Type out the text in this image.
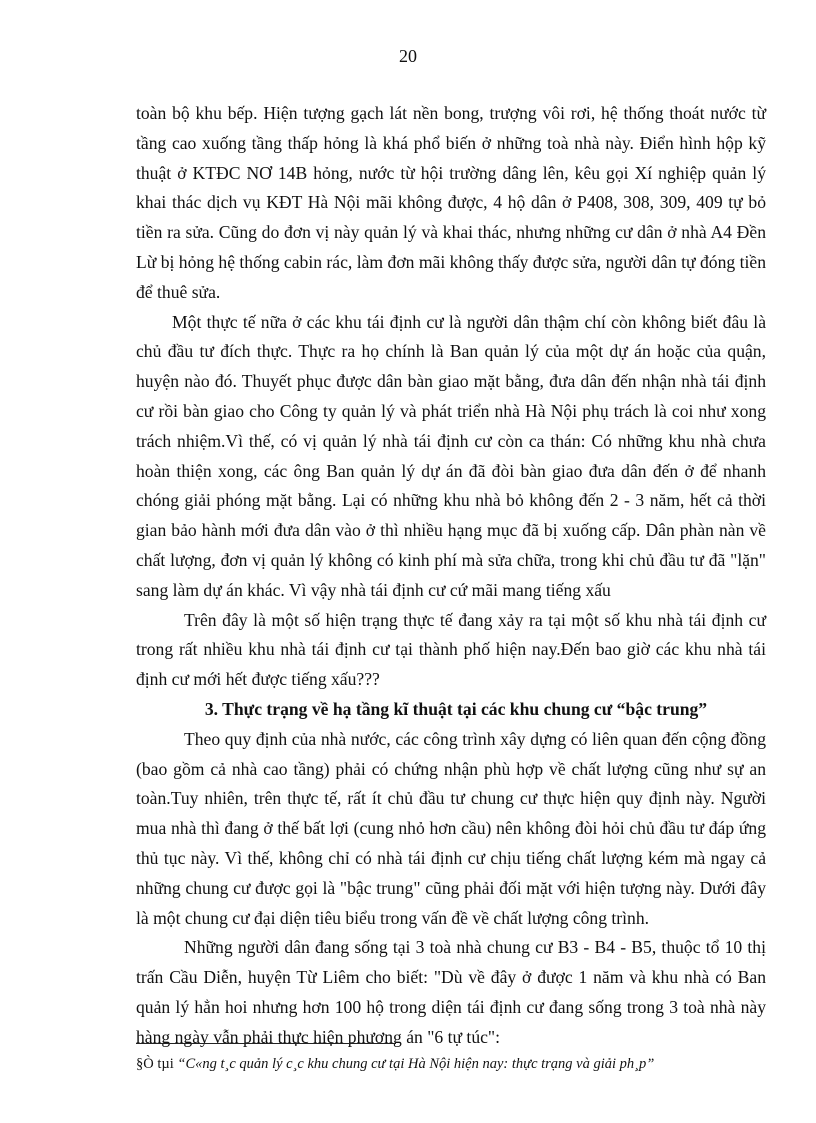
20

toàn bộ khu bếp. Hiện tượng gạch lát nền bong, trượng vôi rơi, hệ thống thoát nước từ tầng cao xuống tầng thấp hỏng là khá phổ biến ở những toà nhà này. Điển hình hộp kỹ thuật ở KTĐC NƠ 14B hỏng, nước từ hội trường dâng lên, kêu gọi Xí nghiệp quản lý khai thác dịch vụ KĐT Hà Nội mãi không được, 4 hộ dân ở P408, 308, 309, 409 tự bỏ tiền ra sửa. Cũng do đơn vị này quản lý và khai thác, nhưng những cư dân ở nhà A4 Đền Lừ bị hỏng hệ thống cabin rác, làm đơn mãi không thấy được sửa, người dân tự đóng tiền để thuê sửa.

Một thực tế nữa ở các khu tái định cư là người dân thậm chí còn không biết đâu là chủ đầu tư đích thực. Thực ra họ chính là Ban quản lý của một dự án hoặc của quận, huyện nào đó. Thuyết phục được dân bàn giao mặt bằng, đưa dân đến nhận nhà tái định cư rồi bàn giao cho Công ty quản lý và phát triển nhà Hà Nội phụ trách là coi như xong trách nhiệm.Vì thế, có vị quản lý nhà tái định cư còn ca thán: Có những khu nhà chưa hoàn thiện xong, các ông Ban quản lý dự án đã đòi bàn giao đưa dân đến ở để nhanh chóng giải phóng mặt bằng. Lại có những khu nhà bỏ không đến 2 - 3 năm, hết cả thời gian bảo hành mới đưa dân vào ở thì nhiều hạng mục đã bị xuống cấp. Dân phàn nàn về chất lượng, đơn vị quản lý không có kinh phí mà sửa chữa, trong khi chủ đầu tư đã "lặn" sang làm dự án khác. Vì vậy nhà tái định cư cứ mãi mang tiếng xấu

Trên đây là một số hiện trạng thực tế đang xảy ra tại một số khu nhà tái định cư trong rất nhiều khu nhà tái định cư tại thành phố hiện nay.Đến bao giờ các khu nhà tái định cư mới hết được tiếng xấu???

3. Thực trạng về hạ tầng kĩ thuật tại các khu chung cư “bậc trung”

Theo quy định của nhà nước, các công trình xây dựng có liên quan đến cộng đồng (bao gồm cả nhà cao tầng) phải có chứng nhận phù hợp về chất lượng cũng như sự an toàn.Tuy nhiên, trên thực tế, rất ít chủ đầu tư chung cư thực hiện quy định này. Người mua nhà thì đang ở thế bất lợi (cung nhỏ hơn cầu) nên không đòi hỏi chủ đầu tư đáp ứng thủ tục này. Vì thế, không chỉ có nhà tái định cư chịu tiếng chất lượng kém mà ngay cả những chung cư được gọi là "bậc trung" cũng phải đối mặt với hiện tượng này. Dưới đây là một chung cư đại diện tiêu biểu trong vấn đề về chất lượng công trình.

Những người dân đang sống tại 3 toà nhà chung cư B3 - B4 - B5, thuộc tổ 10 thị trấn Cầu Diễn, huyện Từ Liêm cho biết: "Dù về đây ở được 1 năm và khu nhà có Ban quản lý hẳn hoi nhưng hơn 100 hộ trong diện tái định cư đang sống trong 3 toà nhà này hàng ngày vẫn phải thực hiện phương án "6 tự túc":

§Ò tµi “C«ng t¸c quản lý c¸c khu chung cư tại Hà Nội hiện nay: thực trạng và giải ph¸p”
